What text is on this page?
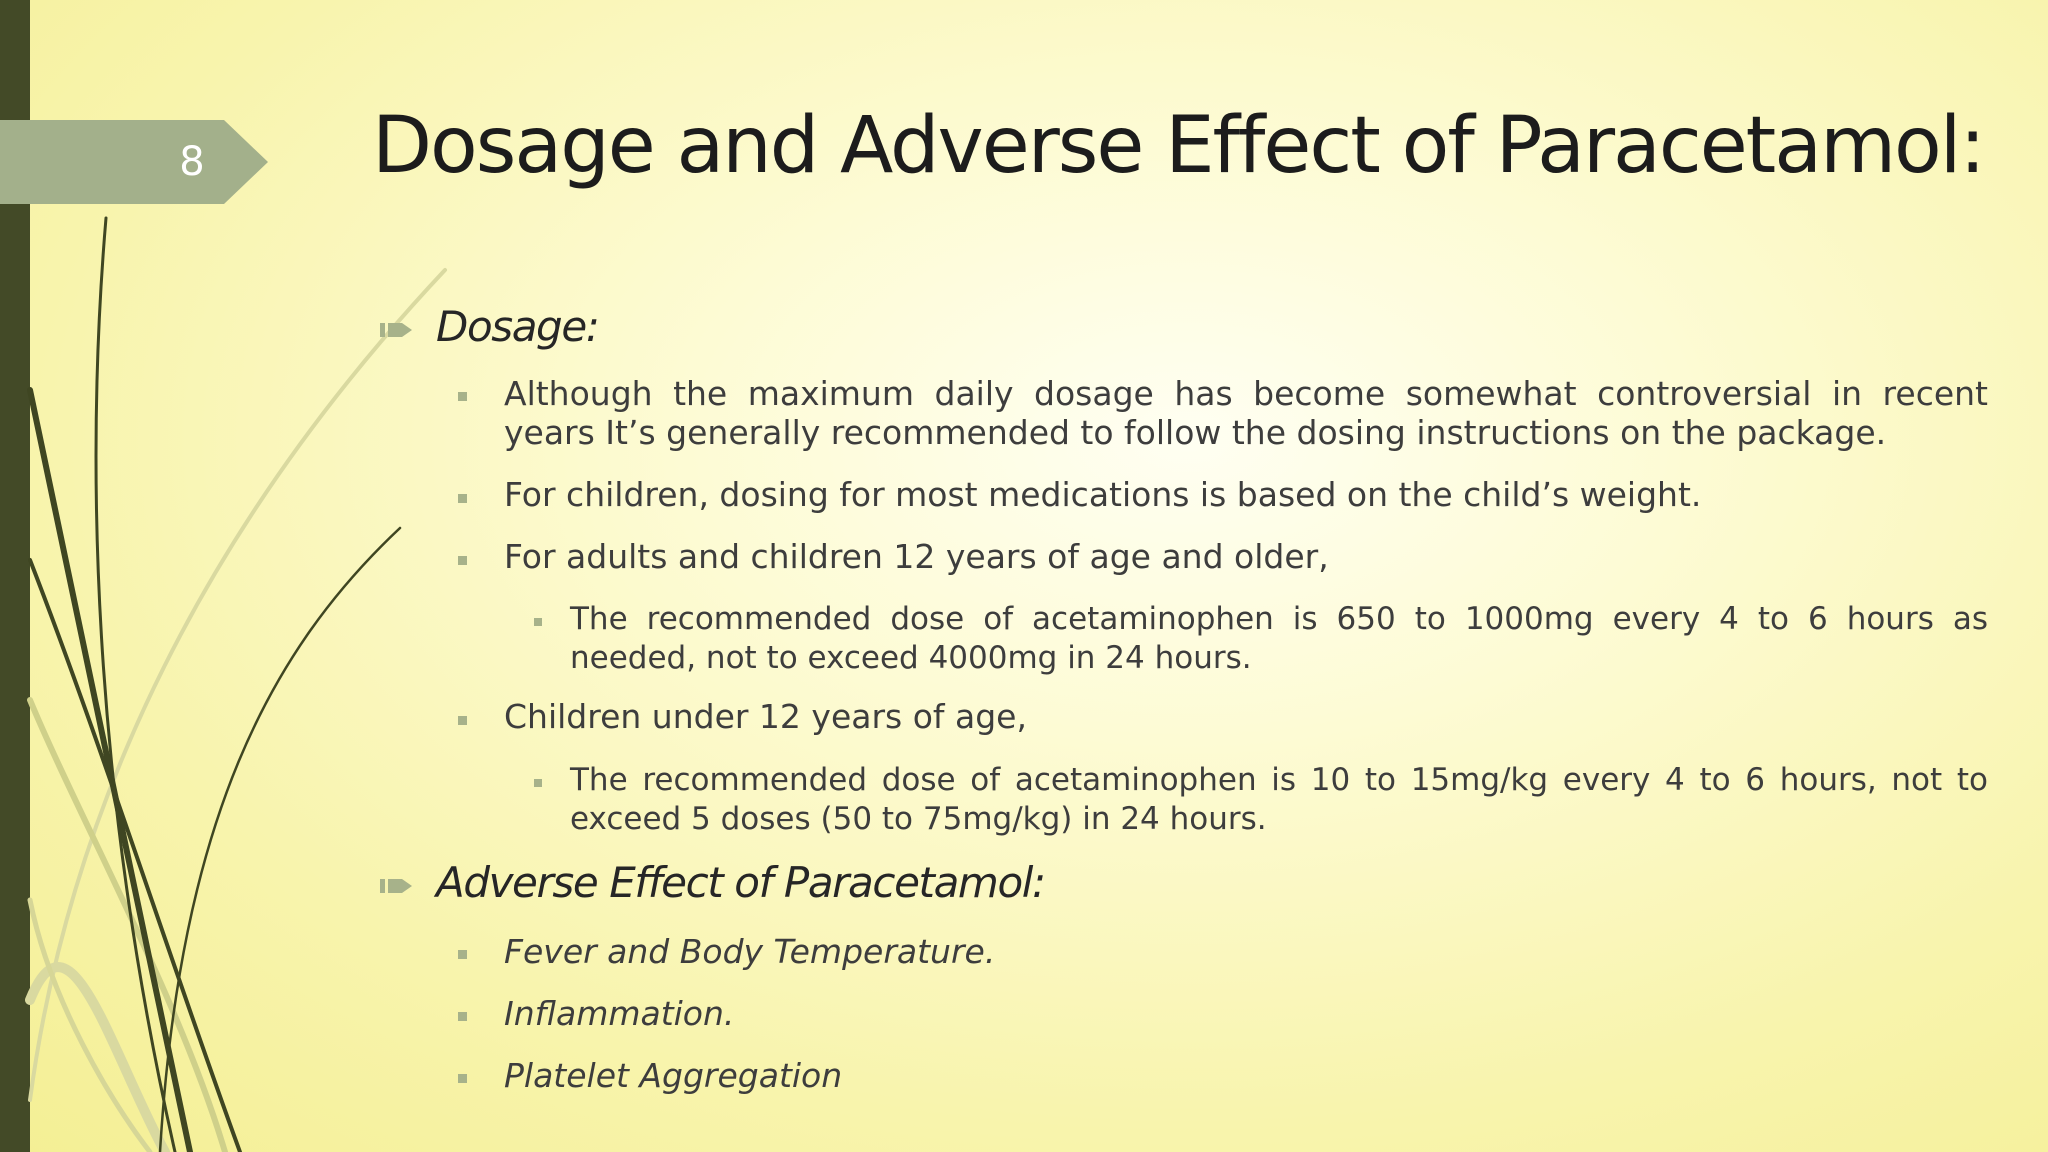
8 Dosage and Adverse Effect of Paracetamol:
Dosage:
Although the maximum daily dosage has become somewhat controversial in recent years It’s generally recommended to follow the dosing instructions on the package.
For children, dosing for most medications is based on the child’s weight.
For adults and children 12 years of age and older,
The recommended dose of acetaminophen is 650 to 1000mg every 4 to 6 hours as needed, not to exceed 4000mg in 24 hours.
Children under 12 years of age,
The recommended dose of acetaminophen is 10 to 15mg/kg every 4 to 6 hours, not to exceed 5 doses (50 to 75mg/kg) in 24 hours.
Adverse Effect of Paracetamol:
Fever and Body Temperature.
Inflammation.
Platelet Aggregation
